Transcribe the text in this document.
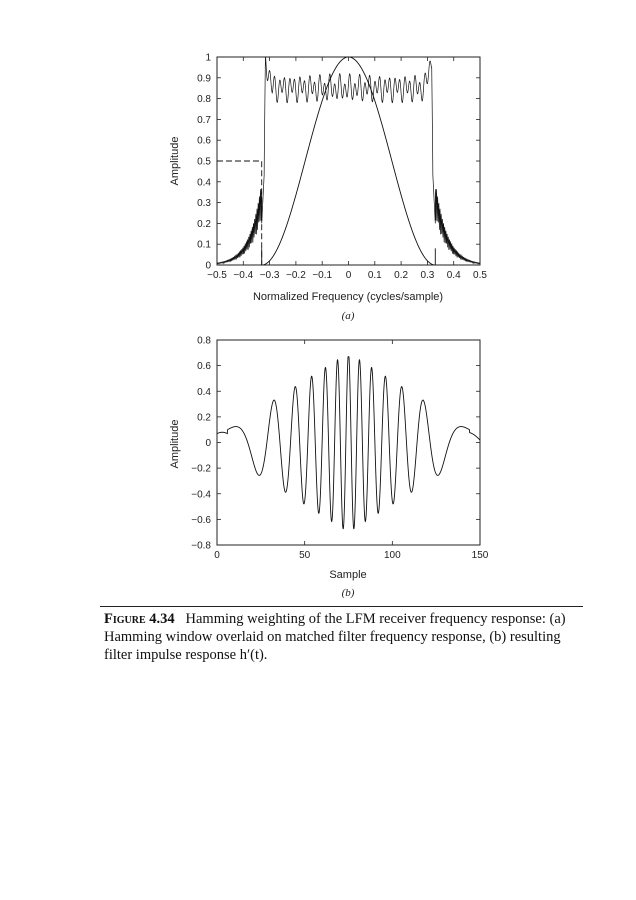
−0.5 −0.4 −0.3 −0.2 −0.1 0 0.1 0.2 0.3 0.4 0.5
0
0.1
0.2
0.3
0.4
0.5
0.6
0.7
0.8
0.9
1
Normalized Frequency (cycles/sample)
Amplitude
(a)
0	50	100	150
0.8
0.6
0.4
0.2
0
−0.2
−0.4
−0.6
−0.8
Sample
Amplitude
(b)
Figure 4.34 Hamming weighting of the LFM receiver frequency response: (a) Hamming window overlaid on matched filter frequency response, (b) resulting filter impulse response h′(t).
